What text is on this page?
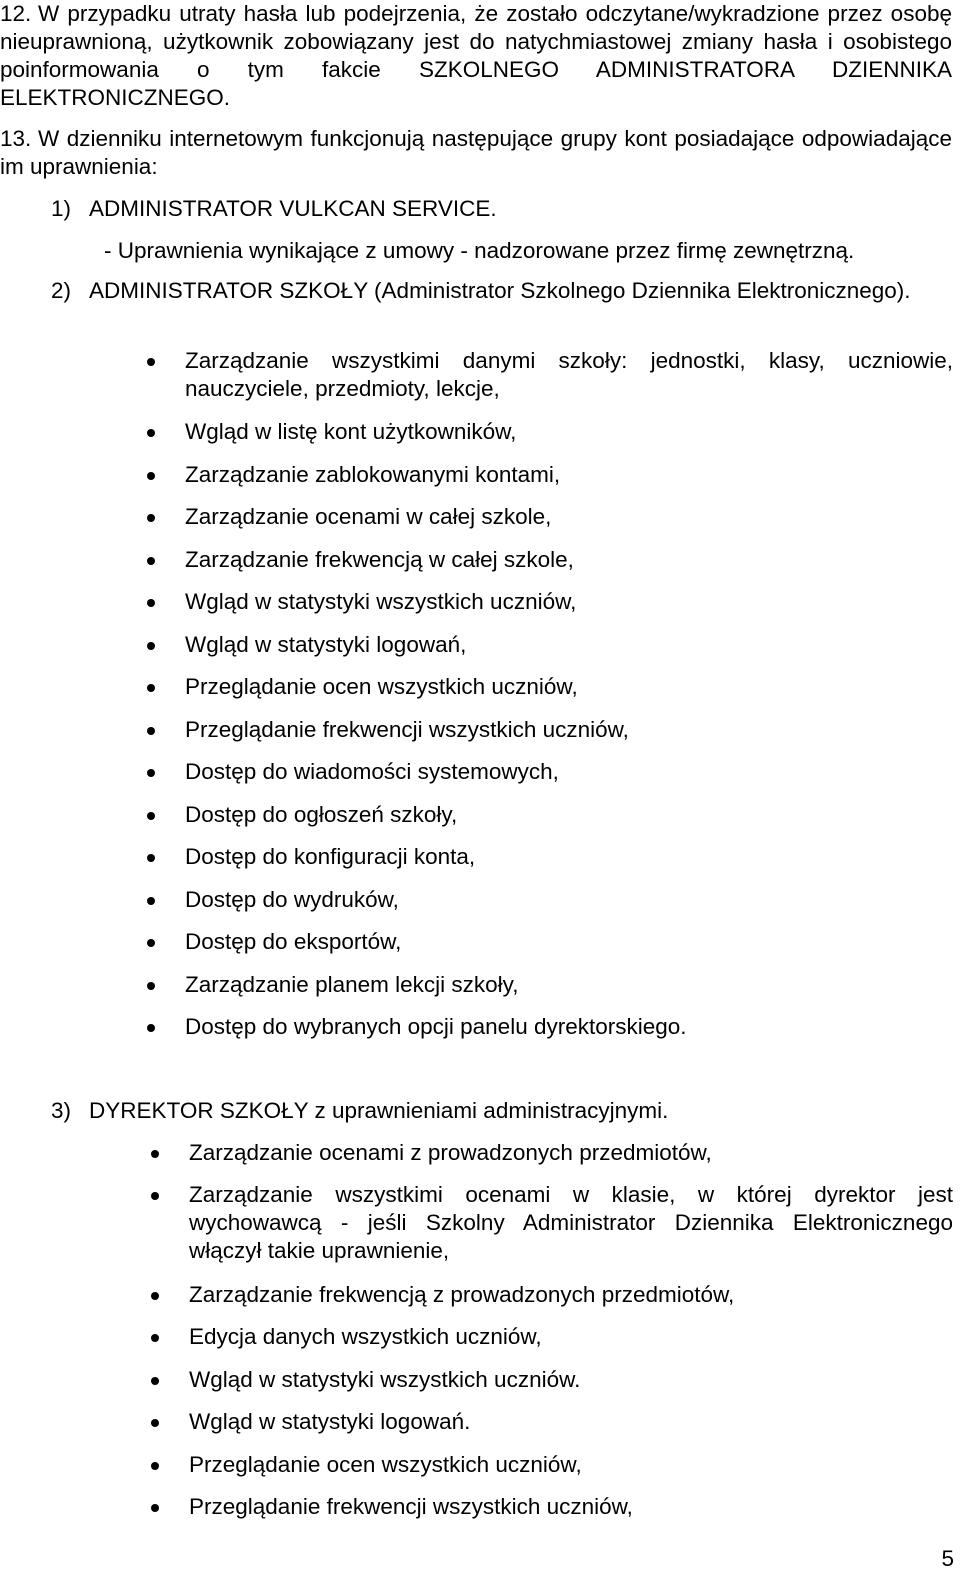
12. W przypadku utraty hasła lub podejrzenia, że zostało odczytane/wykradzione przez osobę nieuprawnioną, użytkownik zobowiązany jest do natychmiastowej zmiany hasła i osobistego poinformowania o tym fakcie SZKOLNEGO ADMINISTRATORA DZIENNIKA ELEKTRONICZNEGO.
13. W dzienniku internetowym funkcjonują następujące grupy kont posiadające odpowiadające im uprawnienia:
1) ADMINISTRATOR VULKCAN SERVICE.
- Uprawnienia wynikające z umowy - nadzorowane przez firmę zewnętrzną.
2) ADMINISTRATOR SZKOŁY (Administrator Szkolnego Dziennika Elektronicznego).
Zarządzanie wszystkimi danymi szkoły: jednostki, klasy, uczniowie, nauczyciele, przedmioty, lekcje,
Wgląd w listę kont użytkowników,
Zarządzanie zablokowanymi kontami,
Zarządzanie ocenami w całej szkole,
Zarządzanie frekwencją w całej szkole,
Wgląd w statystyki wszystkich uczniów,
Wgląd w statystyki logowań,
Przeglądanie ocen wszystkich uczniów,
Przeglądanie frekwencji wszystkich uczniów,
Dostęp do wiadomości systemowych,
Dostęp do ogłoszeń szkoły,
Dostęp do konfiguracji konta,
Dostęp do wydruków,
Dostęp do eksportów,
Zarządzanie planem lekcji szkoły,
Dostęp do wybranych opcji panelu dyrektorskiego.
3) DYREKTOR SZKOŁY z uprawnieniami administracyjnymi.
Zarządzanie ocenami z prowadzonych przedmiotów,
Zarządzanie wszystkimi ocenami w klasie, w której dyrektor jest wychowawcą - jeśli Szkolny Administrator Dziennika Elektronicznego włączył takie uprawnienie,
Zarządzanie frekwencją z prowadzonych przedmiotów,
Edycja danych wszystkich uczniów,
Wgląd w statystyki wszystkich uczniów.
Wgląd w statystyki logowań.
Przeglądanie ocen wszystkich uczniów,
Przeglądanie frekwencji wszystkich uczniów,
5
